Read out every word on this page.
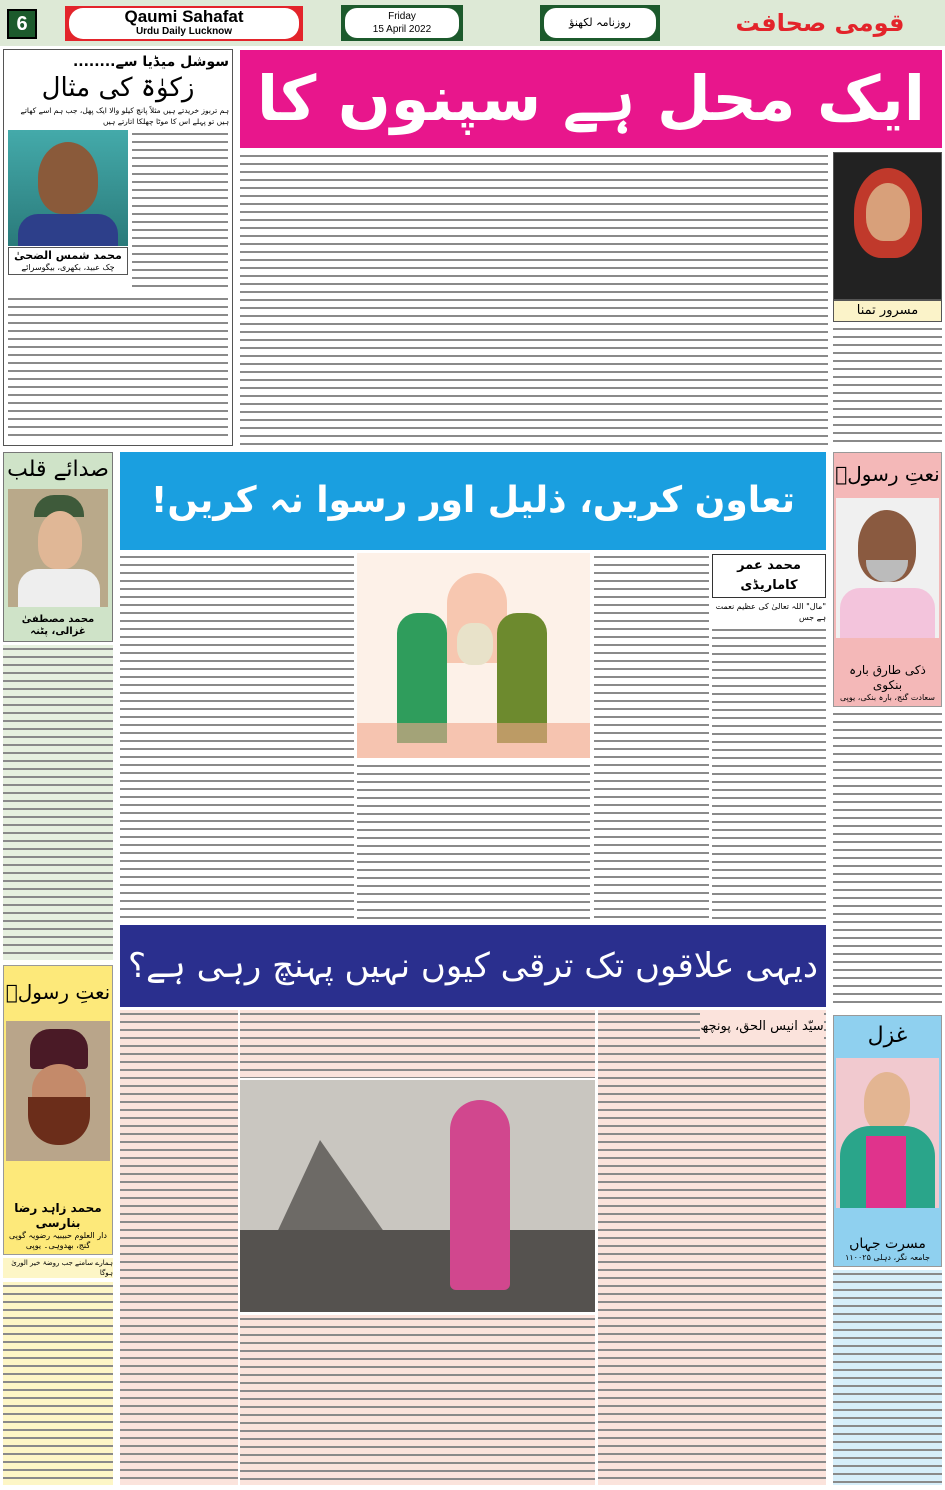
6	Qaumi Sahafat
Urdu Daily Lucknow
Friday
15 April 2022
روزنامہ لکھنؤ	قومی صحافت
سوشل میڈیا سے........
زکوٰۃ کی مثال
ہم تربوز خریدتے ہیں مثلاً پانچ کیلو والا ایک پھل، جب ہم اسے کھاتے ہیں تو پہلے اس کا موٹا چھلکا اتارتے ہیں
محمد شمس الضحیٰ
چک عبید، بکھری، بیگوسرائے
ایک محل ہے سپنوں کا
مسرور تمنا
صدائے قلب
محمد مصطفیٰ غزالی، پٹنہ
تعاون کریں، ذلیل اور رسوا نہ کریں!
محمد عمر کاماریڈی
"مال" اللہ تعالیٰ کی عظیم نعمت ہے جس
نعتِ رسولؐ
ذکی طارق بارہ بنکوی
سعادت گنج، بارہ بنکی، یوپی
دیہی علاقوں تک ترقی کیوں نہیں پہنچ رہی ہے؟
سیّد انیس الحق، پونچھ
نعتِ رسولؐ
محمد زاہد رضا بنارسی
دار العلوم حبیبیہ رضویہ گوپی
گنج، بھدوہی۔ یوپی
ہمارے سامنے جب روضۂ خیر الوریٰ ہوگا
غزل
مسرت جہاں
جامعہ نگر، دہلی ۱۱۰۰۲۵
